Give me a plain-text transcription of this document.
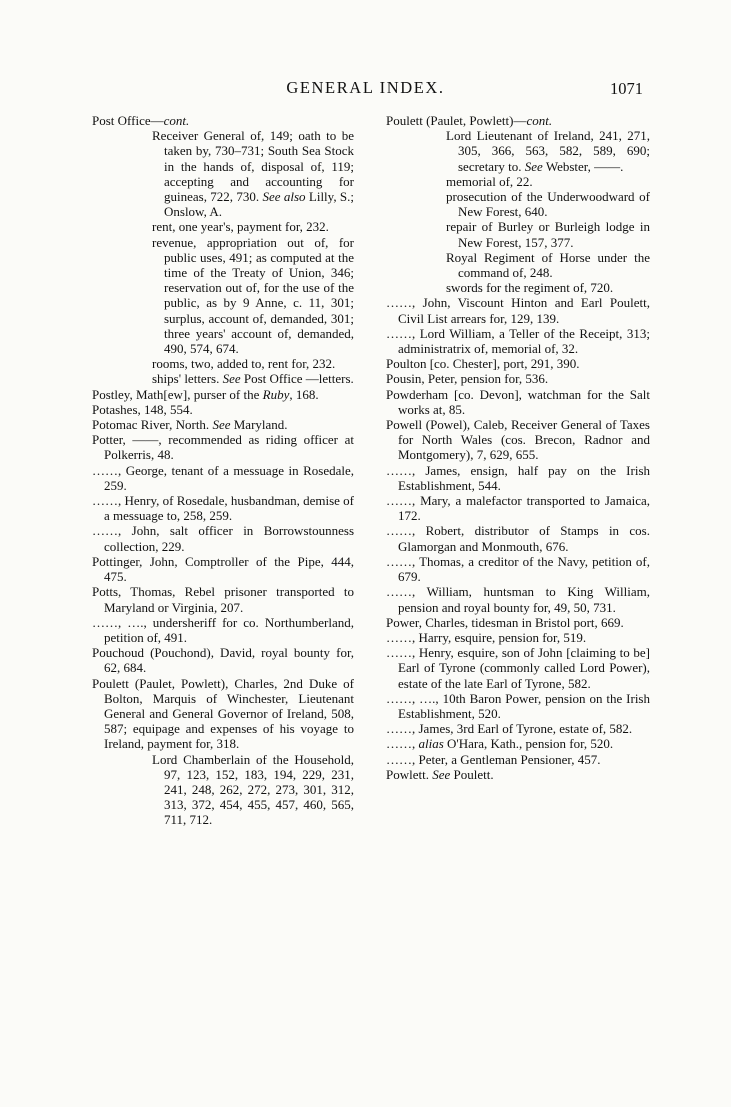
GENERAL INDEX.	1071
Post Office—cont.
Receiver General of, 149; oath to be taken by, 730–731; South Sea Stock in the hands of, disposal of, 119; accepting and accounting for guineas, 722, 730. See also Lilly, S.; Onslow, A.
rent, one year's, payment for, 232.
revenue, appropriation out of, for public uses, 491; as computed at the time of the Treaty of Union, 346; reservation out of, for the use of the public, as by 9 Anne, c. 11, 301; surplus, account of, demanded, 301; three years' account of, demanded, 490, 574, 674.
rooms, two, added to, rent for, 232.
ships' letters. See Post Office —letters.
Postley, Math[ew], purser of the Ruby, 168.
Potashes, 148, 554.
Potomac River, North. See Maryland.
Potter, ——, recommended as riding officer at Polkerris, 48.
……, George, tenant of a messuage in Rosedale, 259.
……, Henry, of Rosedale, husbandman, demise of a messuage to, 258, 259.
……, John, salt officer in Borrowstounness collection, 229.
Pottinger, John, Comptroller of the Pipe, 444, 475.
Potts, Thomas, Rebel prisoner transported to Maryland or Virginia, 207.
……, …., undersheriff for co. Northumberland, petition of, 491.
Pouchoud (Pouchond), David, royal bounty for, 62, 684.
Poulett (Paulet, Powlett), Charles, 2nd Duke of Bolton, Marquis of Winchester, Lieutenant General and General Governor of Ireland, 508, 587; equipage and expenses of his voyage to Ireland, payment for, 318.
Lord Chamberlain of the Household, 97, 123, 152, 183, 194, 229, 231, 241, 248, 262, 272, 273, 301, 312, 313, 372, 454, 455, 457, 460, 565, 711, 712.
Poulett (Paulet, Powlett)—cont.
Lord Lieutenant of Ireland, 241, 271, 305, 366, 563, 582, 589, 690; secretary to. See Webster, ——.
memorial of, 22.
prosecution of the Underwoodward of New Forest, 640.
repair of Burley or Burleigh lodge in New Forest, 157, 377.
Royal Regiment of Horse under the command of, 248.
swords for the regiment of, 720.
……, John, Viscount Hinton and Earl Poulett, Civil List arrears for, 129, 139.
……, Lord William, a Teller of the Receipt, 313; administratrix of, memorial of, 32.
Poulton [co. Chester], port, 291, 390.
Pousin, Peter, pension for, 536.
Powderham [co. Devon], watchman for the Salt works at, 85.
Powell (Powel), Caleb, Receiver General of Taxes for North Wales (cos. Brecon, Radnor and Montgomery), 7, 629, 655.
……, James, ensign, half pay on the Irish Establishment, 544.
……, Mary, a malefactor transported to Jamaica, 172.
……, Robert, distributor of Stamps in cos. Glamorgan and Monmouth, 676.
……, Thomas, a creditor of the Navy, petition of, 679.
……, William, huntsman to King William, pension and royal bounty for, 49, 50, 731.
Power, Charles, tidesman in Bristol port, 669.
……, Harry, esquire, pension for, 519.
……, Henry, esquire, son of John [claiming to be] Earl of Tyrone (commonly called Lord Power), estate of the late Earl of Tyrone, 582.
……, …., 10th Baron Power, pension on the Irish Establishment, 520.
……, James, 3rd Earl of Tyrone, estate of, 582.
……, alias O'Hara, Kath., pension for, 520.
……, Peter, a Gentleman Pensioner, 457.
Powlett. See Poulett.
